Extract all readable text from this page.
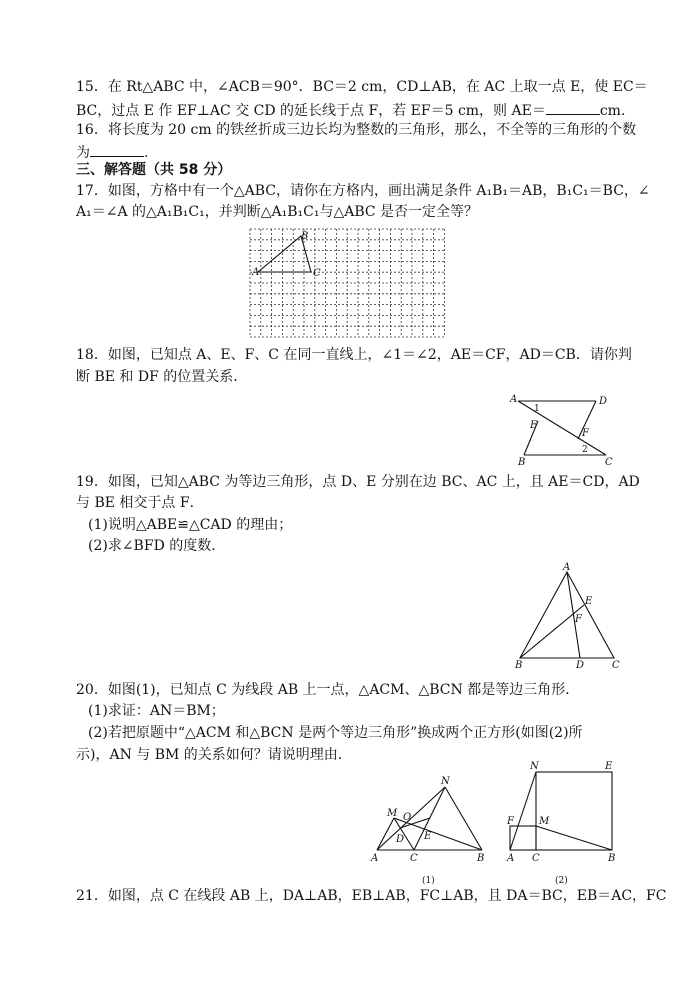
15．在 Rt△ABC 中，∠ACB＝90°．BC＝2 cm，CD⊥AB，在 AC 上取一点 E，使 EC＝
BC，过点 E 作 EF⊥AC 交 CD 的延长线于点 F，若 EF＝5 cm，则 AE＝	cm.
16．将长度为 20 cm 的铁丝折成三边长均为整数的三角形，那么，不全等的三角形的个数
为	.
三、解答题（共 58 分）
17．如图，方格中有一个△ABC，请你在方格内，画出满足条件 A₁B₁＝AB，B₁C₁＝BC，∠
A₁＝∠A 的△A₁B₁C₁，并判断△A₁B₁C₁与△ABC 是否一定全等？
A
B
C
18．如图，已知点 A、E、F、C 在同一直线上，∠1＝∠2，AE＝CF，AD＝CB．请你判
断 BE 和 DF 的位置关系．
A	D
E
F
B	C
1
2
19．如图，已知△ABC 为等边三角形，点 D、E 分别在边 BC、AC 上，且 AE＝CD，AD
与 BE 相交于点 F．
(1)说明△ABE≌△CAD 的理由；
(2)求∠BFD 的度数．
A
E
F
B	D	C
20．如图(1)，已知点 C 为线段 AB 上一点，△ACM、△BCN 都是等边三角形．
(1)求证：AN＝BM；
(2)若把原题中“△ACM 和△BCN 是两个等边三角形”换成两个正方形(如图(2)所
示)，AN 与 BM 的关系如何？请说明理由．
N
M O
D E
A	C	B
(1)
N	E
F	M
A C	B
(2)
21．如图，点 C 在线段 AB 上，DA⊥AB，EB⊥AB，FC⊥AB，且 DA＝BC，EB＝AC，FC
